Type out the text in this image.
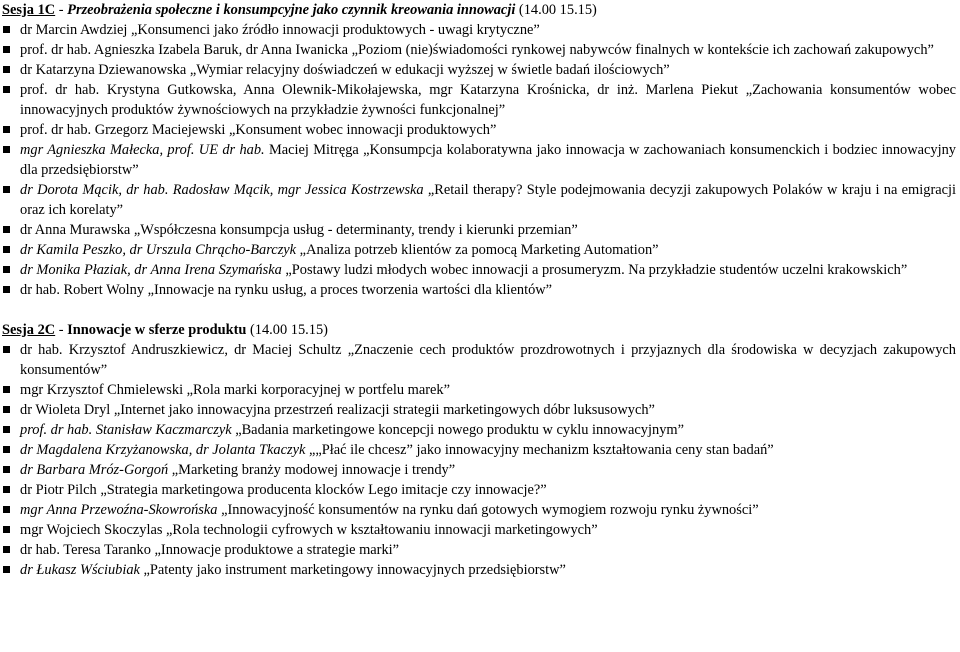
Sesja 1C - Przeobrażenia społeczne i konsumpcyjne jako czynnik kreowania innowacji (14.00 15.15)
dr Marcin Awdziej „Konsumenci jako źródło innowacji produktowych - uwagi krytyczne”
prof. dr hab. Agnieszka Izabela Baruk, dr Anna Iwanicka „Poziom (nie)świadomości rynkowej nabywców finalnych w kontekście ich zachowań zakupowych”
dr Katarzyna Dziewanowska „Wymiar relacyjny doświadczeń w edukacji wyższej w świetle badań ilościowych”
prof. dr hab. Krystyna Gutkowska, Anna Olewnik-Mikołajewska, mgr Katarzyna Krośnicka, dr inż. Marlena Piekut „Zachowania konsumentów wobec innowacyjnych produktów żywnościowych na przykładzie żywności funkcjonalnej”
prof. dr hab. Grzegorz Maciejewski „Konsument wobec innowacji produktowych”
mgr Agnieszka Małecka, prof. UE dr hab. Maciej Mitręga „Konsumpcja kolaboratywna jako innowacja w zachowaniach konsumenckich i bodziec innowacyjny dla przedsiębiorstw”
dr Dorota Mącik, dr hab. Radosław Mącik, mgr Jessica Kostrzewska „Retail therapy? Style podejmowania decyzji zakupowych Polaków w kraju i na emigracji oraz ich korelaty”
dr Anna Murawska „Współczesna konsumpcja usług - determinanty, trendy i kierunki przemian”
dr Kamila Peszko, dr Urszula Chrącho-Barczyk „Analiza potrzeb klientów za pomocą Marketing Automation”
dr Monika Płaziak, dr Anna Irena Szymańska „Postawy ludzi młodych wobec innowacji a prosumeryzm. Na przykładzie studentów uczelni krakowskich”
dr hab. Robert Wolny „Innowacje na rynku usług, a proces tworzenia wartości dla klientów”
Sesja 2C - Innowacje w sferze produktu (14.00 15.15)
dr hab. Krzysztof Andruszkiewicz, dr Maciej Schultz „Znaczenie cech produktów prozdrowotnych i przyjaznych dla środowiska w decyzjach zakupowych konsumentów”
mgr Krzysztof Chmielewski „Rola marki korporacyjnej w portfelu marek”
dr Wioleta Dryl „Internet jako innowacyjna przestrzeń realizacji strategii marketingowych dóbr luksusowych”
prof. dr hab. Stanisław Kaczmarczyk „Badania marketingowe koncepcji nowego produktu w cyklu innowacyjnym”
dr Magdalena Krzyżanowska, dr Jolanta Tkaczyk „„Płać ile chcesz” jako innowacyjny mechanizm kształtowania ceny stan badań”
dr Barbara Mróz-Gorgoń „Marketing branży modowej innowacje i trendy”
dr Piotr Pilch „Strategia marketingowa producenta klocków Lego imitacje czy innowacje?”
mgr Anna Przewoźna-Skowrońska „Innowacyjność konsumentów na rynku dań gotowych wymogiem rozwoju rynku żywności”
mgr Wojciech Skoczylas „Rola technologii cyfrowych w kształtowaniu innowacji marketingowych”
dr hab. Teresa Taranko „Innowacje produktowe a strategie marki”
dr Łukasz Wściubiak „Patenty jako instrument marketingowy innowacyjnych przedsiębiorstw”
